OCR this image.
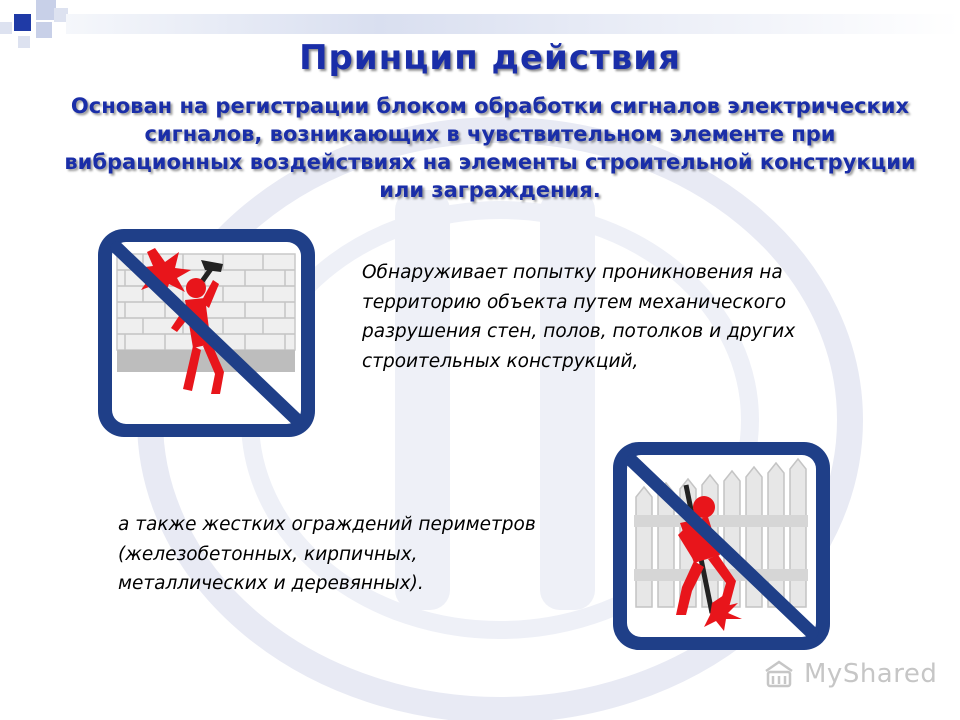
Принцип действия
Основан на регистрации блоком обработки сигналов электрических сигналов, возникающих в чувствительном элементе при вибрационных воздействиях на элементы строительной конструкции или заграждения.
Обнаруживает попытку проникновения на территорию объекта путем механического разрушения стен, полов, потолков и других строительных конструкций,
а также жестких ограждений периметров (железобетонных, кирпичных, металлических и деревянных).
MyShared
